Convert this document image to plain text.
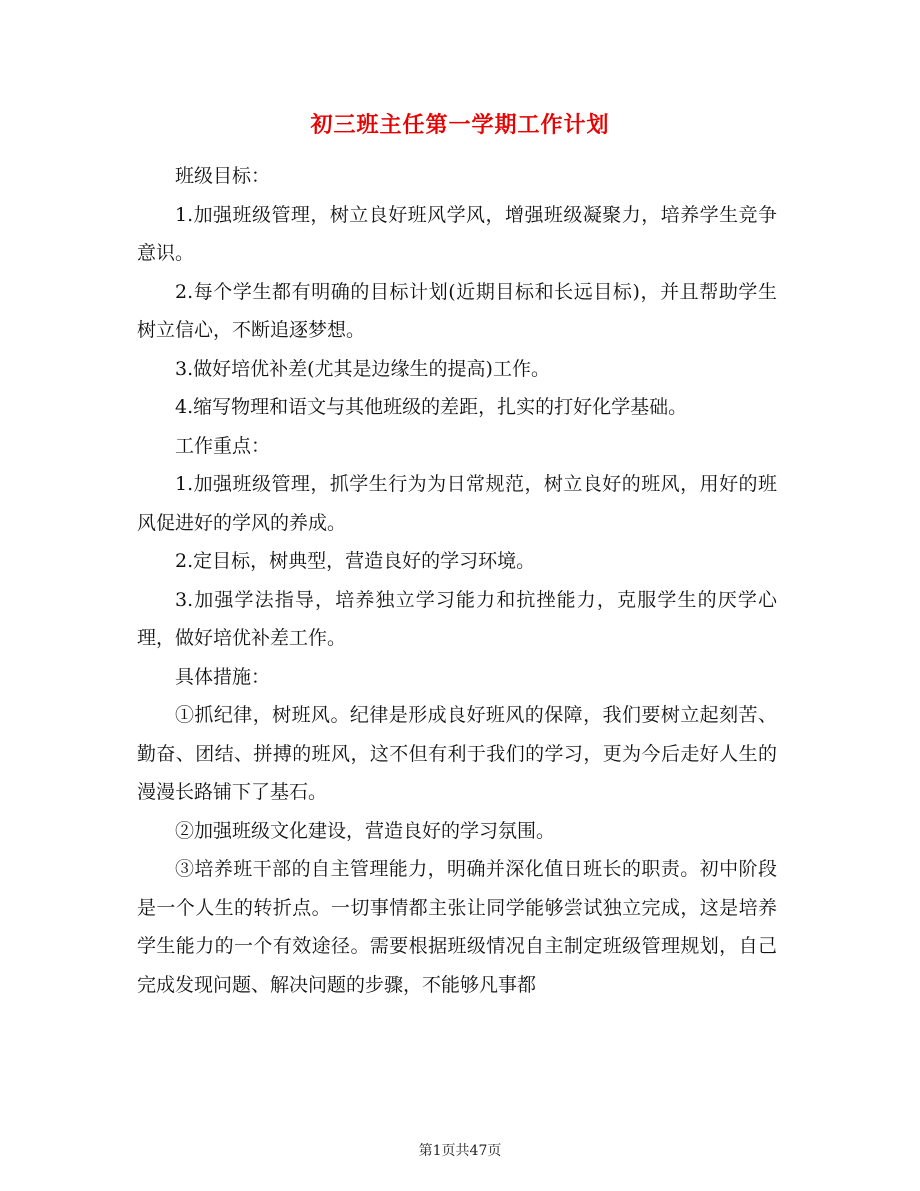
初三班主任第一学期工作计划

班级目标：

1.加强班级管理，树立良好班风学风，增强班级凝聚力，培养学生竞争意识。

2.每个学生都有明确的目标计划(近期目标和长远目标)，并且帮助学生树立信心，不断追逐梦想。

3.做好培优补差(尤其是边缘生的提高)工作。

4.缩写物理和语文与其他班级的差距，扎实的打好化学基础。

工作重点：

1.加强班级管理，抓学生行为为日常规范，树立良好的班风，用好的班风促进好的学风的养成。

2.定目标，树典型，营造良好的学习环境。

3.加强学法指导，培养独立学习能力和抗挫能力，克服学生的厌学心理，做好培优补差工作。

具体措施：

①抓纪律，树班风。纪律是形成良好班风的保障，我们要树立起刻苦、勤奋、团结、拼搏的班风，这不但有利于我们的学习，更为今后走好人生的漫漫长路铺下了基石。

②加强班级文化建设，营造良好的学习氛围。

③培养班干部的自主管理能力，明确并深化值日班长的职责。初中阶段是一个人生的转折点。一切事情都主张让同学能够尝试独立完成，这是培养学生能力的一个有效途径。需要根据班级情况自主制定班级管理规划，自己完成发现问题、解决问题的步骤，不能够凡事都

第1页共47页
